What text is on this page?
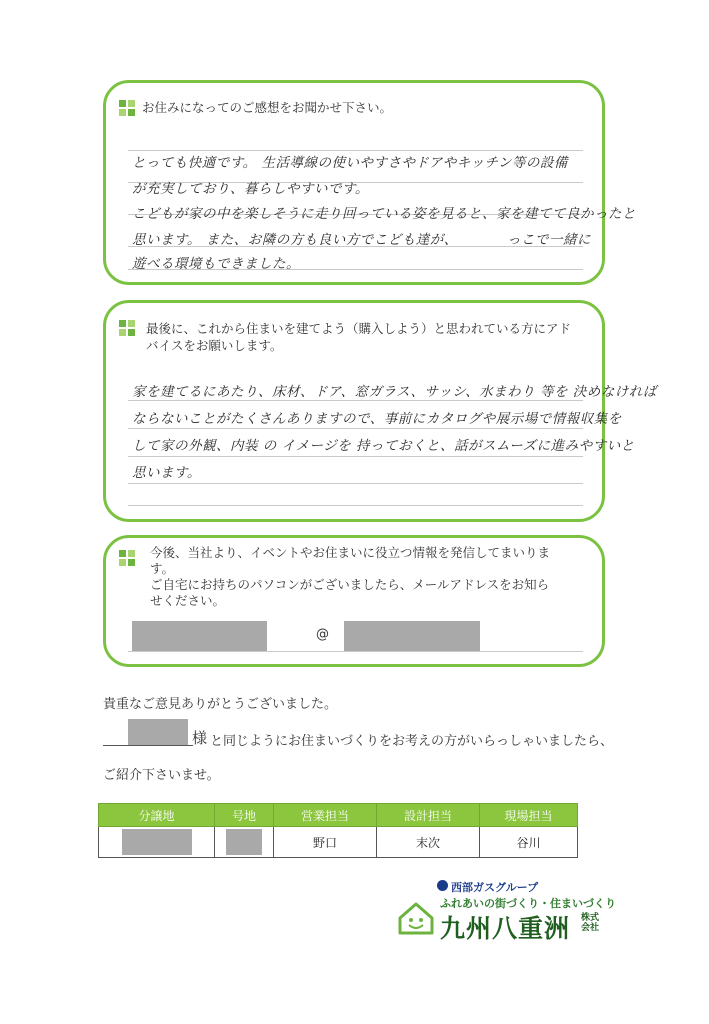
お住みになってのご感想をお聞かせ下さい。
とっても快適です。 生活導線の使いやすさやドアやキッチン等の設備
が充実しており、暮らしやすいです。
こどもが家の中を楽しそうに走り回っている姿を見ると、家を建てて良かったと
思います。 また、お隣の方も良い方でこども達が、　　　　っこで一緒に
遊べる環境もできました。
最後に、これから住まいを建てよう（購入しよう）と思われている方にアド
バイスをお願いします。
家を建てるにあたり、床材、ドア、窓ガラス、サッシ、水まわり 等を 決めなければ
ならないことがたくさんありますので、事前にカタログや展示場で情報収集を
して家の外観、内装 の イメージを 持っておくと、話がスムーズに進みやすいと
思います。
今後、当社より、イベントやお住まいに役立つ情報を発信してまいりま
す。
ご自宅にお持ちのパソコンがございましたら、メールアドレスをお知ら
せください。
@
貴重なご意見ありがとうございました。
様 と同じようにお住まいづくりをお考えの方がいらっしゃいましたら、
ご紹介下さいませ。
分譲地	号地	営業担当	設計担当	現場担当
		野口	末次	谷川
西部ガスグループ
ふれあいの街づくり・住まいづくり
九州八重洲 株式
会社
